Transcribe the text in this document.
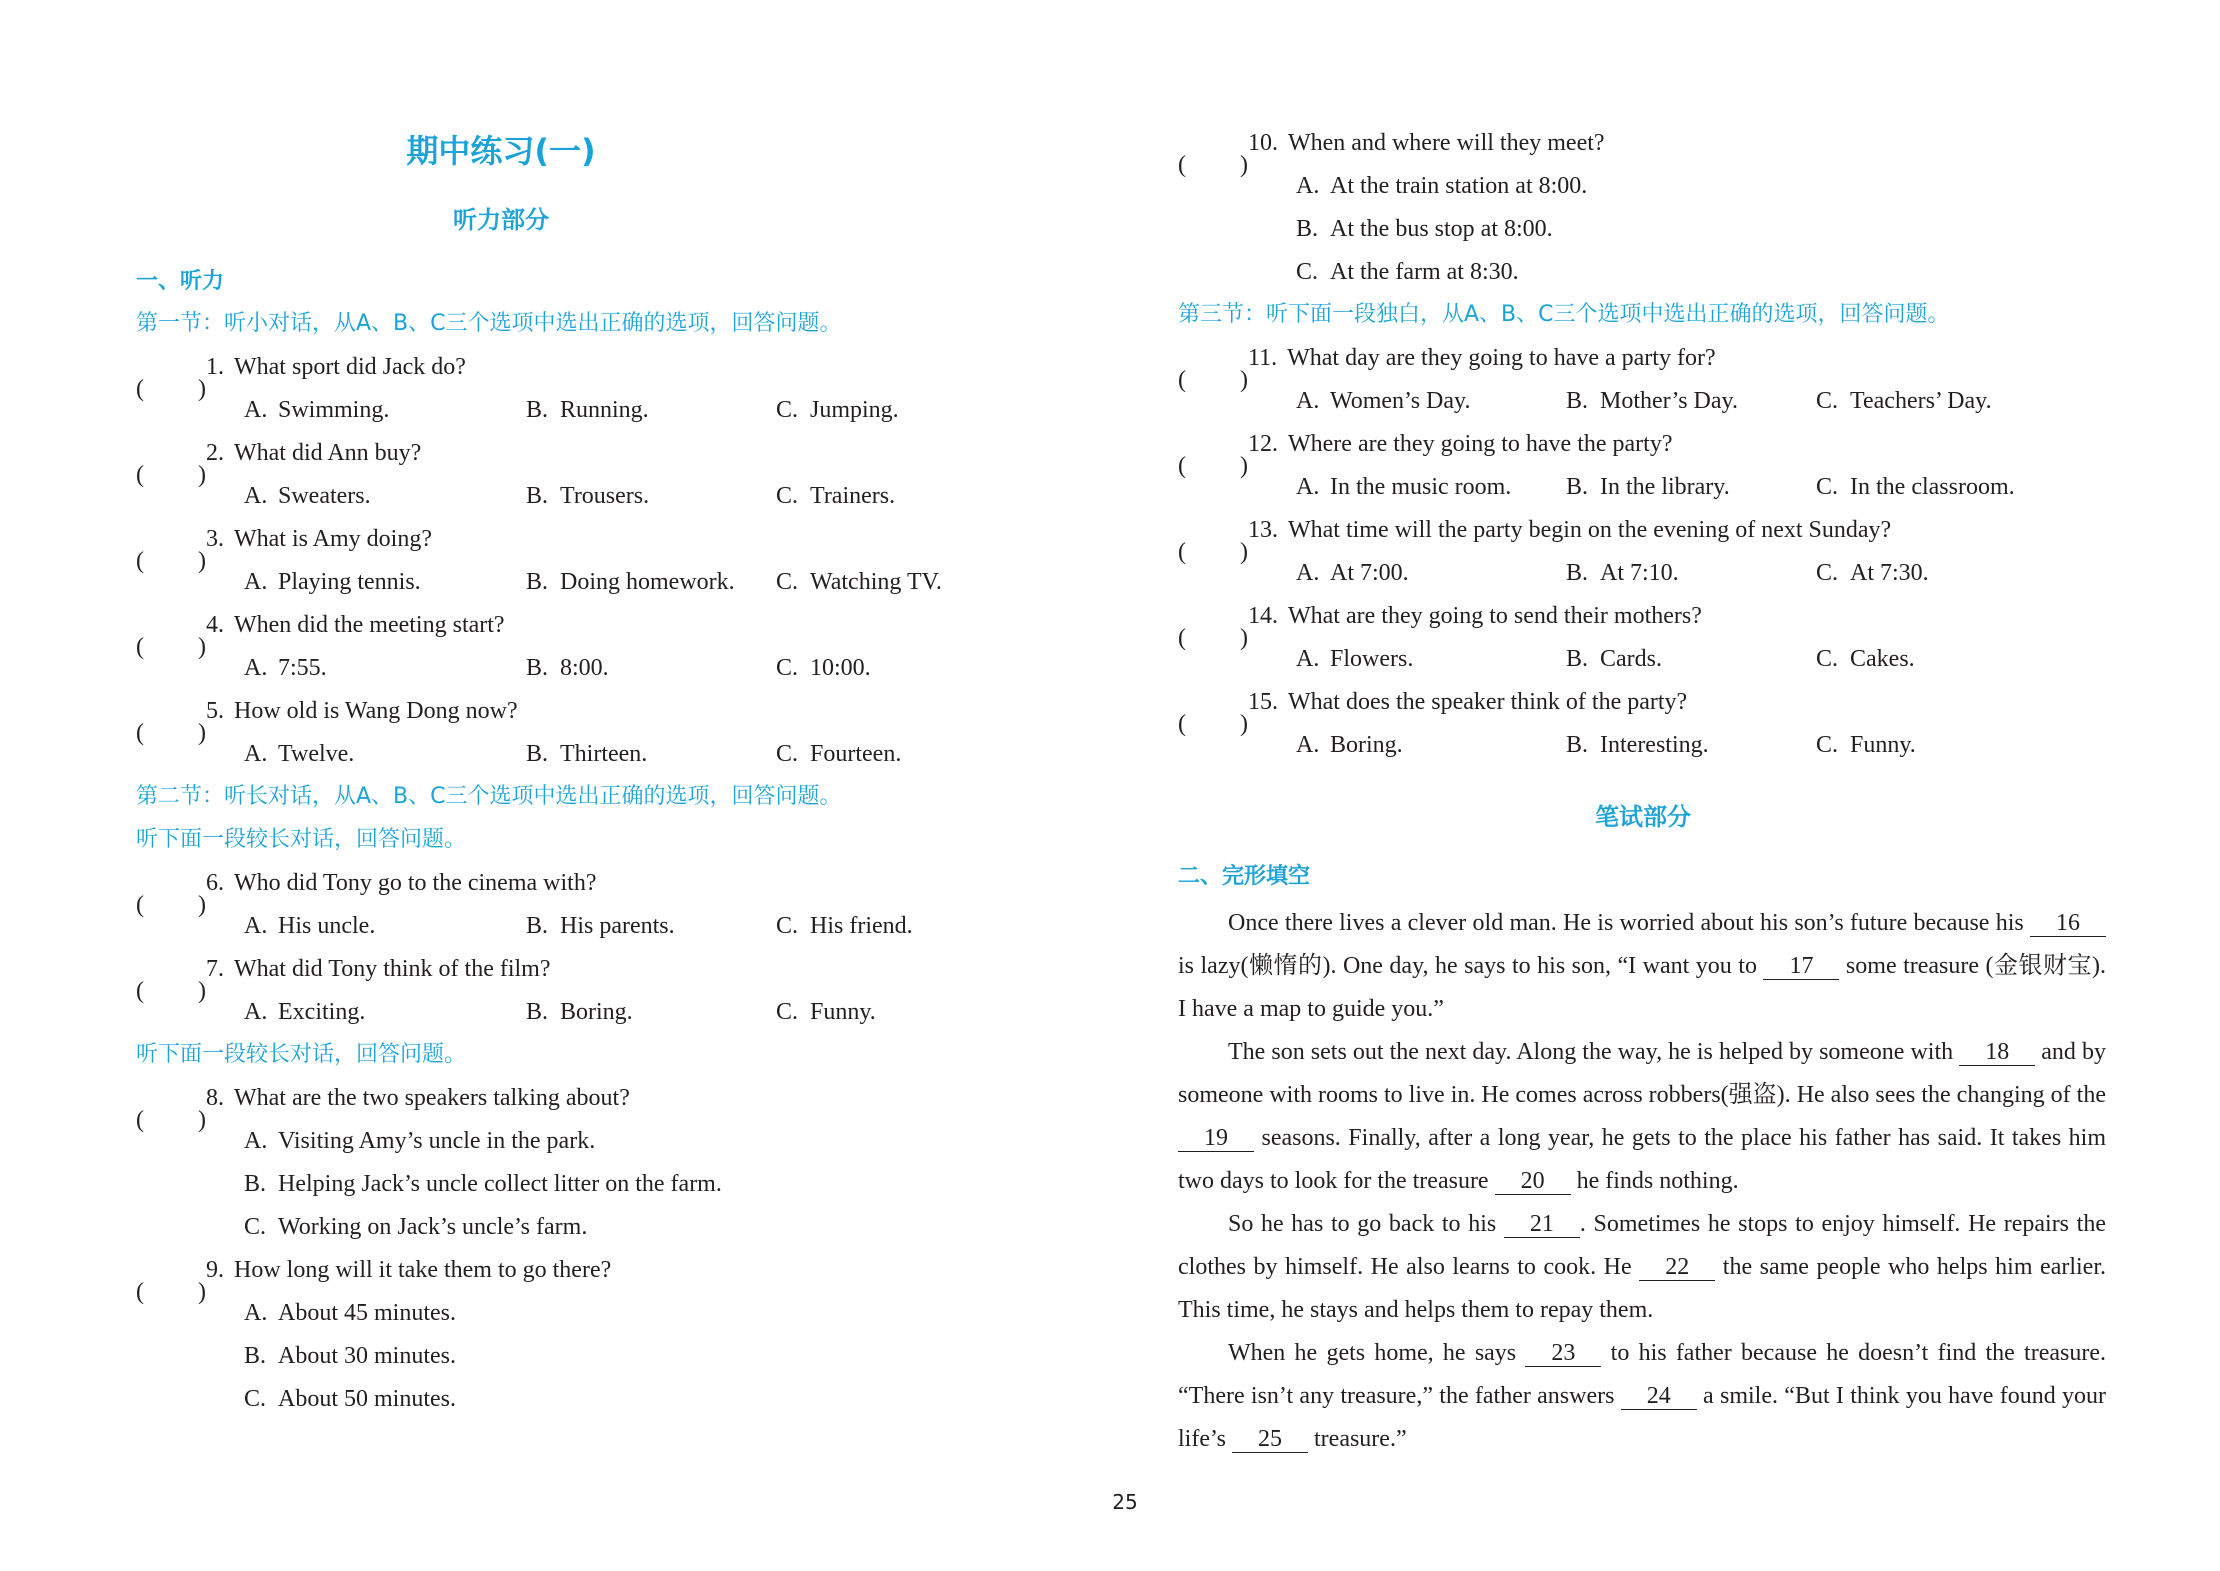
期中练习(一)
听力部分
一、听力
第一节：听小对话，从A、B、C三个选项中选出正确的选项，回答问题。
( )
1. What sport did Jack do?
A. Swimming.	B. Running.	C. Jumping.
( )
2. What did Ann buy?
A. Sweaters.	B. Trousers.	C. Trainers.
( )
3. What is Amy doing?
A. Playing tennis.	B. Doing homework. C. Watching TV.
( )
4. When did the meeting start?
A. 7:55.	B. 8:00.	C. 10:00.
( )
5. How old is Wang Dong now?
A. Twelve.	B. Thirteen.	C. Fourteen.
第二节：听长对话，从A、B、C三个选项中选出正确的选项，回答问题。
听下面一段较长对话，回答问题。
( )
6. Who did Tony go to the cinema with?
A. His uncle.	B. His parents.	C. His friend.
( )
7. What did Tony think of the film?
A. Exciting.	B. Boring.	C. Funny.
听下面一段较长对话，回答问题。
( )
8. What are the two speakers talking about?
A. Visiting Amy’s uncle in the park.
B. Helping Jack’s uncle collect litter on the farm.
C. Working on Jack’s uncle’s farm.
( )
9. How long will it take them to go there?
A. About 45 minutes.
B. About 30 minutes.
C. About 50 minutes.
( )
10. When and where will they meet?
A. At the train station at 8:00.
B. At the bus stop at 8:00.
C. At the farm at 8:30.
( )
11. What day are they going to have a party for?
A. Women’s Day.	B. Mother’s Day.	C. Teachers’ Day.
( )
12. Where are they going to have the party?
A. In the music room. B. In the library.	C. In the classroom.
( )
13. What time will the party begin on the evening of next Sunday?
A. At 7:00.	B. At 7:10.	C. At 7:30.
( )
14. What are they going to send their mothers?
A. Flowers.	B. Cards.	C. Cakes.
( )
15. What does the speaker think of the party?
A. Boring.	B. Interesting.	C. Funny.
第三节：听下面一段独白，从A、B、C三个选项中选出正确的选项，回答问题。
笔试部分
二、完形填空
Once there lives a clever old man. He is worried about his son’s future because his 16 is lazy(懒惰的). One day, he says to his son, “I want you to 17 some treasure (金银财宝). I have a map to guide you.”
The son sets out the next day. Along the way, he is helped by someone with 18 and by someone with rooms to live in. He comes across robbers(强盗). He also sees the changing of the 19 seasons. Finally, after a long year, he gets to the place his father has said. It takes him two days to look for the treasure 20 he finds nothing.
So he has to go back to his 21 . Sometimes he stops to enjoy himself. He repairs the clothes by himself. He also learns to cook. He 22 the same people who helps him earlier. This time, he stays and helps them to repay them.
When he gets home, he says 23 to his father because he doesn’t find the treasure. “There isn’t any treasure,” the father answers 24 a smile. “But I think you have found your life’s 25 treasure.”
25
